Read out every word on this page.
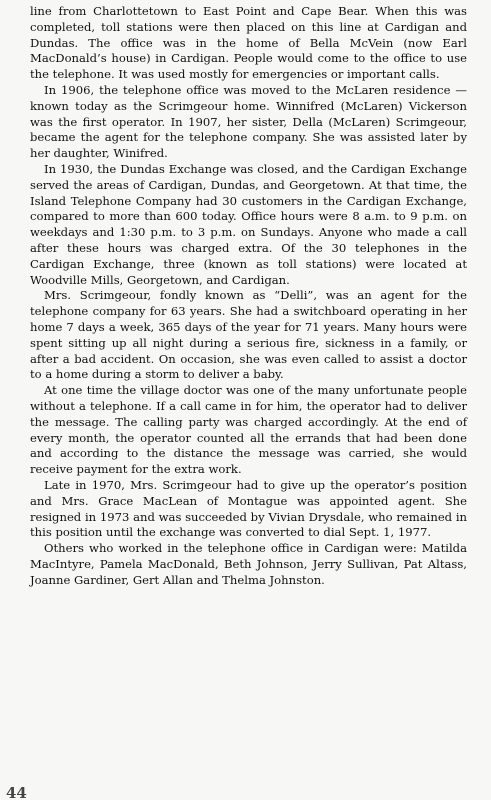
line from Charlottetown to East Point and Cape Bear. When this was completed, toll stations were then placed on this line at Cardigan and Dundas. The office was in the home of Bella McVein (now Earl MacDonald’s house) in Cardigan. People would come to the office to use the telephone. It was used mostly for emergencies or important calls.

In 1906, the telephone office was moved to the McLaren residence — known today as the Scrimgeour home. Winnifred (McLaren) Vickerson was the first operator. In 1907, her sister, Della (McLaren) Scrimgeour, became the agent for the telephone company. She was assisted later by her daughter, Winifred.

In 1930, the Dundas Exchange was closed, and the Cardigan Exchange served the areas of Cardigan, Dundas, and Georgetown. At that time, the Island Telephone Company had 30 customers in the Cardigan Exchange, compared to more than 600 today. Office hours were 8 a.m. to 9 p.m. on weekdays and 1:30 p.m. to 3 p.m. on Sundays. Anyone who made a call after these hours was charged extra. Of the 30 telephones in the Cardigan Exchange, three (known as toll stations) were located at Woodville Mills, Georgetown, and Cardigan.

Mrs. Scrimgeour, fondly known as “Delli”, was an agent for the telephone company for 63 years. She had a switchboard operating in her home 7 days a week, 365 days of the year for 71 years. Many hours were spent sitting up all night during a serious fire, sickness in a family, or after a bad accident. On occasion, she was even called to assist a doctor to a home during a storm to deliver a baby.

At one time the village doctor was one of the many unfortunate people without a telephone. If a call came in for him, the operator had to deliver the message. The calling party was charged accordingly. At the end of every month, the operator counted all the errands that had been done and according to the distance the message was carried, she would receive payment for the extra work.

Late in 1970, Mrs. Scrimgeour had to give up the operator’s position and Mrs. Grace MacLean of Montague was appointed agent. She resigned in 1973 and was succeeded by Vivian Drysdale, who remained in this position until the exchange was converted to dial Sept. 1, 1977.

Others who worked in the telephone office in Cardigan were: Matilda MacIntyre, Pamela MacDonald, Beth Johnson, Jerry Sullivan, Pat Altass, Joanne Gardiner, Gert Allan and Thelma Johnston.

44
